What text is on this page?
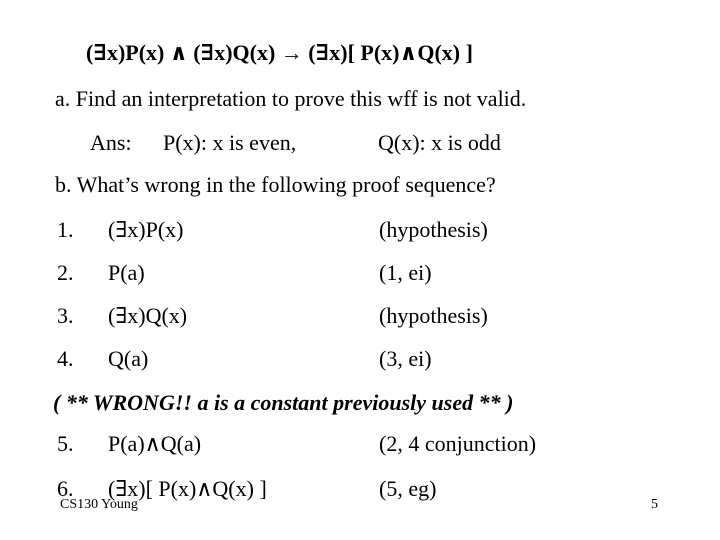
(∃x)P(x) ∧ (∃x)Q(x) → (∃x)[ P(x)∧Q(x) ]
a. Find an interpretation to prove this wff is not valid.
Ans: P(x): x is even,	Q(x): x is odd
b. What’s wrong in the following proof sequence?
1. (∃x)P(x)	(hypothesis)
2. P(a)	(1, ei)
3. (∃x)Q(x)	(hypothesis)
4. Q(a)	(3, ei)
( ** WRONG!! a is a constant previously used ** )
5. P(a)∧Q(a)	(2, 4 conjunction)
6. (∃x)[ P(x)∧Q(x) ]	(5, eg)
CS130 Young	5
